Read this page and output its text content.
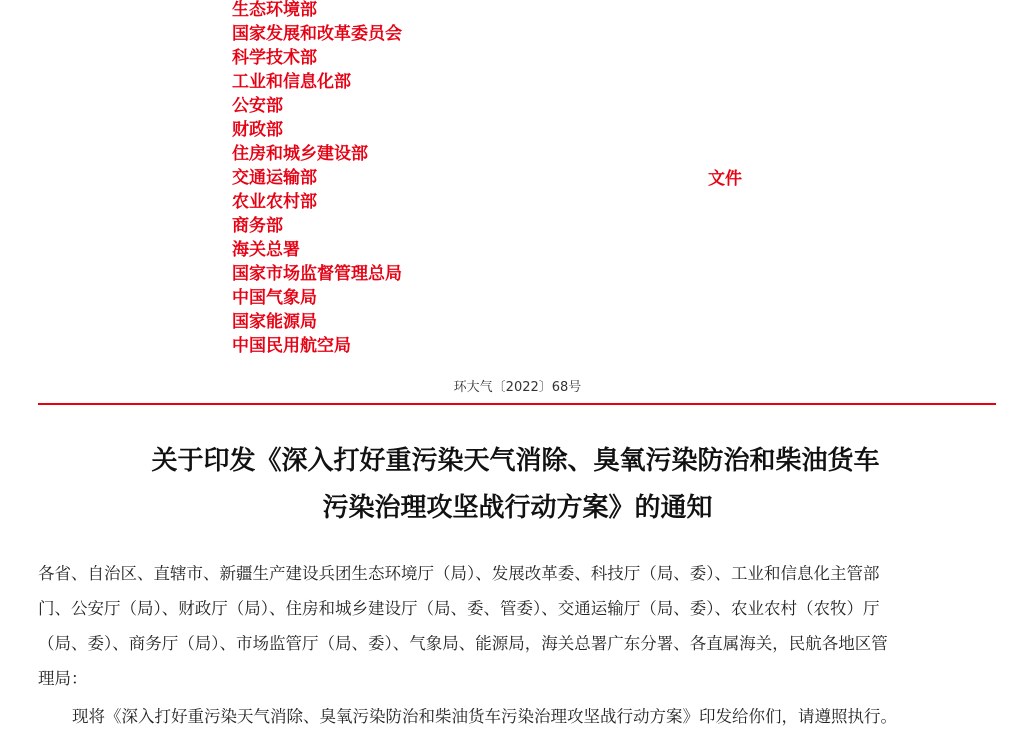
生态环境部
国家发展和改革委员会
科学技术部
工业和信息化部
公安部
财政部
住房和城乡建设部
交通运输部
农业农村部
商务部
海关总署
国家市场监督管理总局
中国气象局
国家能源局
中国民用航空局
文件
环大气〔2022〕68号
关于印发《深入打好重污染天气消除、臭氧污染防治和柴油货车
污染治理攻坚战行动方案》的通知
各省、自治区、直辖市、新疆生产建设兵团生态环境厅（局）、发展改革委、科技厅（局、委）、工业和信息化主管部
门、公安厅（局）、财政厅（局）、住房和城乡建设厅（局、委、管委）、交通运输厅（局、委）、农业农村（农牧）厅
（局、委）、商务厅（局）、市场监管厅（局、委）、气象局、能源局，海关总署广东分署、各直属海关，民航各地区管
理局：
现将《深入打好重污染天气消除、臭氧污染防治和柴油货车污染治理攻坚战行动方案》印发给你们，请遵照执行。
